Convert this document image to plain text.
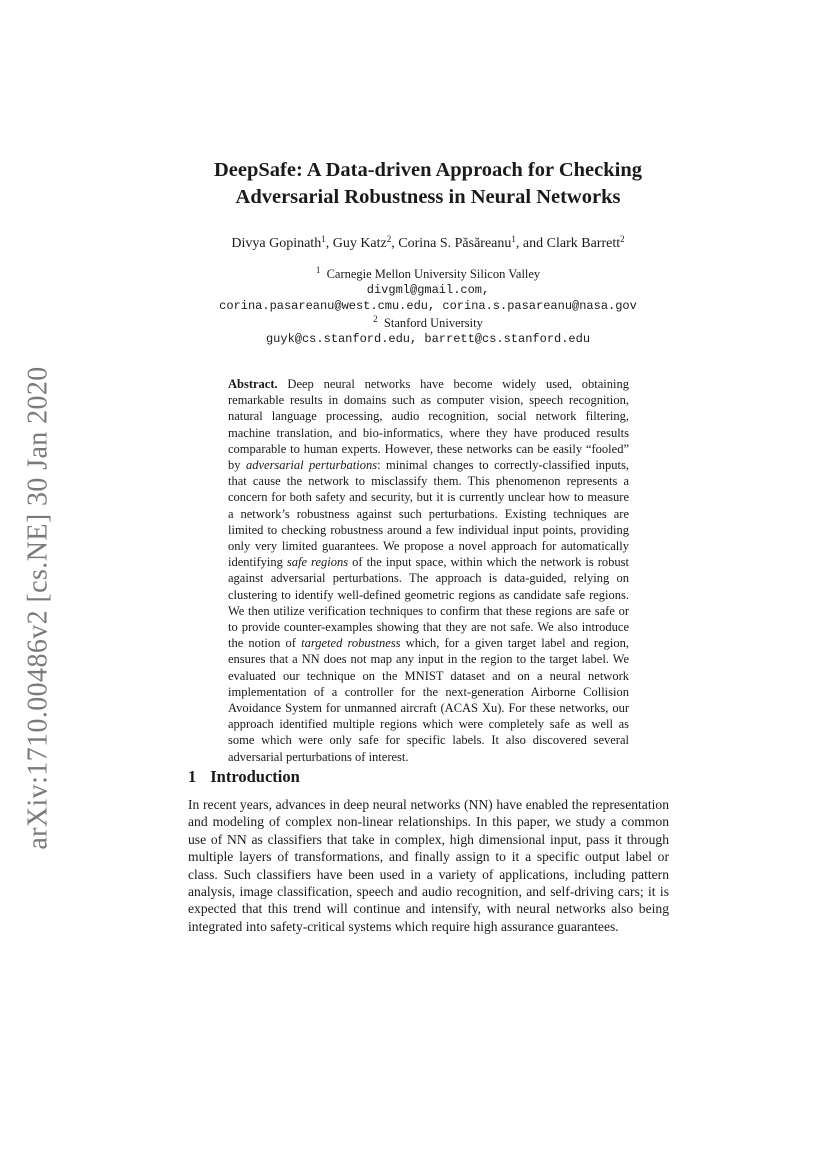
arXiv:1710.00486v2 [cs.NE] 30 Jan 2020
DeepSafe: A Data-driven Approach for Checking
Adversarial Robustness in Neural Networks
Divya Gopinath$^1$, Guy Katz$^2$, Corina S. Păsăreanu$^1$, and Clark Barrett$^2$
$^1$ Carnegie Mellon University Silicon Valley
divgml@gmail.com,
corina.pasareanu@west.cmu.edu, corina.s.pasareanu@nasa.gov
$^2$ Stanford University
guyk@cs.stanford.edu, barrett@cs.stanford.edu

Abstract. Deep neural networks have become widely used, obtaining remarkable results in domains such as computer vision, speech recognition, natural language processing, audio recognition, social network filtering, machine translation, and bio-informatics, where they have produced results comparable to human experts. However, these networks can be easily “fooled” by adversarial perturbations: minimal changes to correctly-classified inputs, that cause the network to misclassify them. This phenomenon represents a concern for both safety and security, but it is currently unclear how to measure a network’s robustness against such perturbations. Existing techniques are limited to checking robustness around a few individual input points, providing only very limited guarantees. We propose a novel approach for automatically identifying safe regions of the input space, within which the network is robust against adversarial perturbations. The approach is data-guided, relying on clustering to identify well-defined geometric regions as candidate safe regions. We then utilize verification techniques to confirm that these regions are safe or to provide counter-examples showing that they are not safe. We also introduce the notion of targeted robustness which, for a given target label and region, ensures that a NN does not map any input in the region to the target label. We evaluated our technique on the MNIST dataset and on a neural network implementation of a controller for the next-generation Airborne Collision Avoidance System for unmanned aircraft (ACAS Xu). For these networks, our approach identified multiple regions which were completely safe as well as some which were only safe for specific labels. It also discovered several adversarial perturbations of interest.

1 Introduction

In recent years, advances in deep neural networks (NN) have enabled the representation and modeling of complex non-linear relationships. In this paper, we study a common use of NN as classifiers that take in complex, high dimensional input, pass it through multiple layers of transformations, and finally assign to it a specific output label or class. Such classifiers have been used in a variety of applications, including pattern analysis, image classification, speech and audio recognition, and self-driving cars; it is expected that this trend will continue and intensify, with neural networks also being integrated into safety-critical systems which require high assurance guarantees.
